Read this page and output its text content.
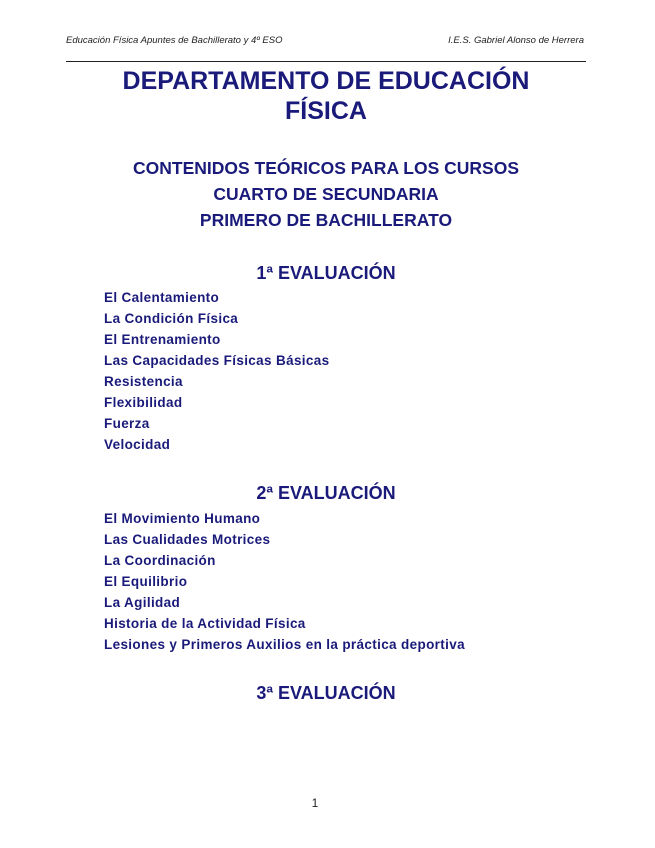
Educación Física Apuntes de Bachillerato y 4º ESO	I.E.S. Gabriel Alonso de Herrera
DEPARTAMENTO DE EDUCACIÓN
FÍSICA
CONTENIDOS TEÓRICOS PARA LOS CURSOS
CUARTO DE SECUNDARIA
PRIMERO DE BACHILLERATO
1ª EVALUACIÓN
El Calentamiento
La Condición Física
El Entrenamiento
Las Capacidades Físicas Básicas
Resistencia
Flexibilidad
Fuerza
Velocidad
2ª EVALUACIÓN
El Movimiento Humano
Las Cualidades Motrices
La Coordinación
El Equilibrio
La Agilidad
Historia de la Actividad Física
Lesiones y Primeros Auxilios en la práctica deportiva
3ª EVALUACIÓN
1
